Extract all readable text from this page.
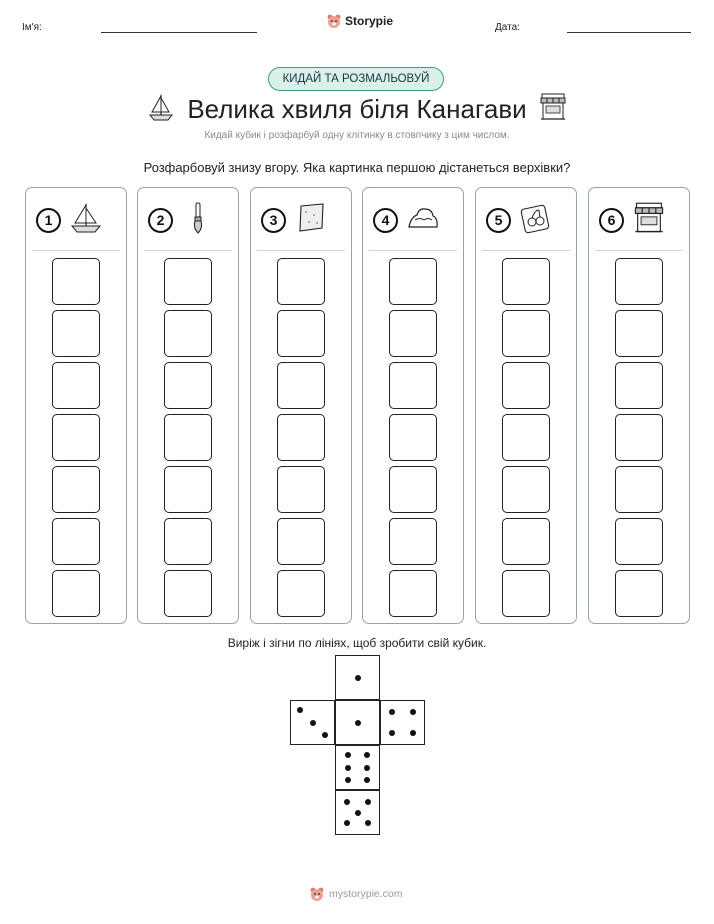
Ім'я:	Storypie	Дата:
КИДАЙ ТА РОЗМАЛЬОВУЙ
Велика хвиля біля Канагави
Кидай кубик і розфарбуй одну клітинку в стовпчику з цим числом.
Розфарбовуй знизу вгору. Яка картинка першою дістанеться верхівки?
1	2	3	4	5	6
Виріж і зігни по лініях, щоб зробити свій кубик.
mystorypie.com
